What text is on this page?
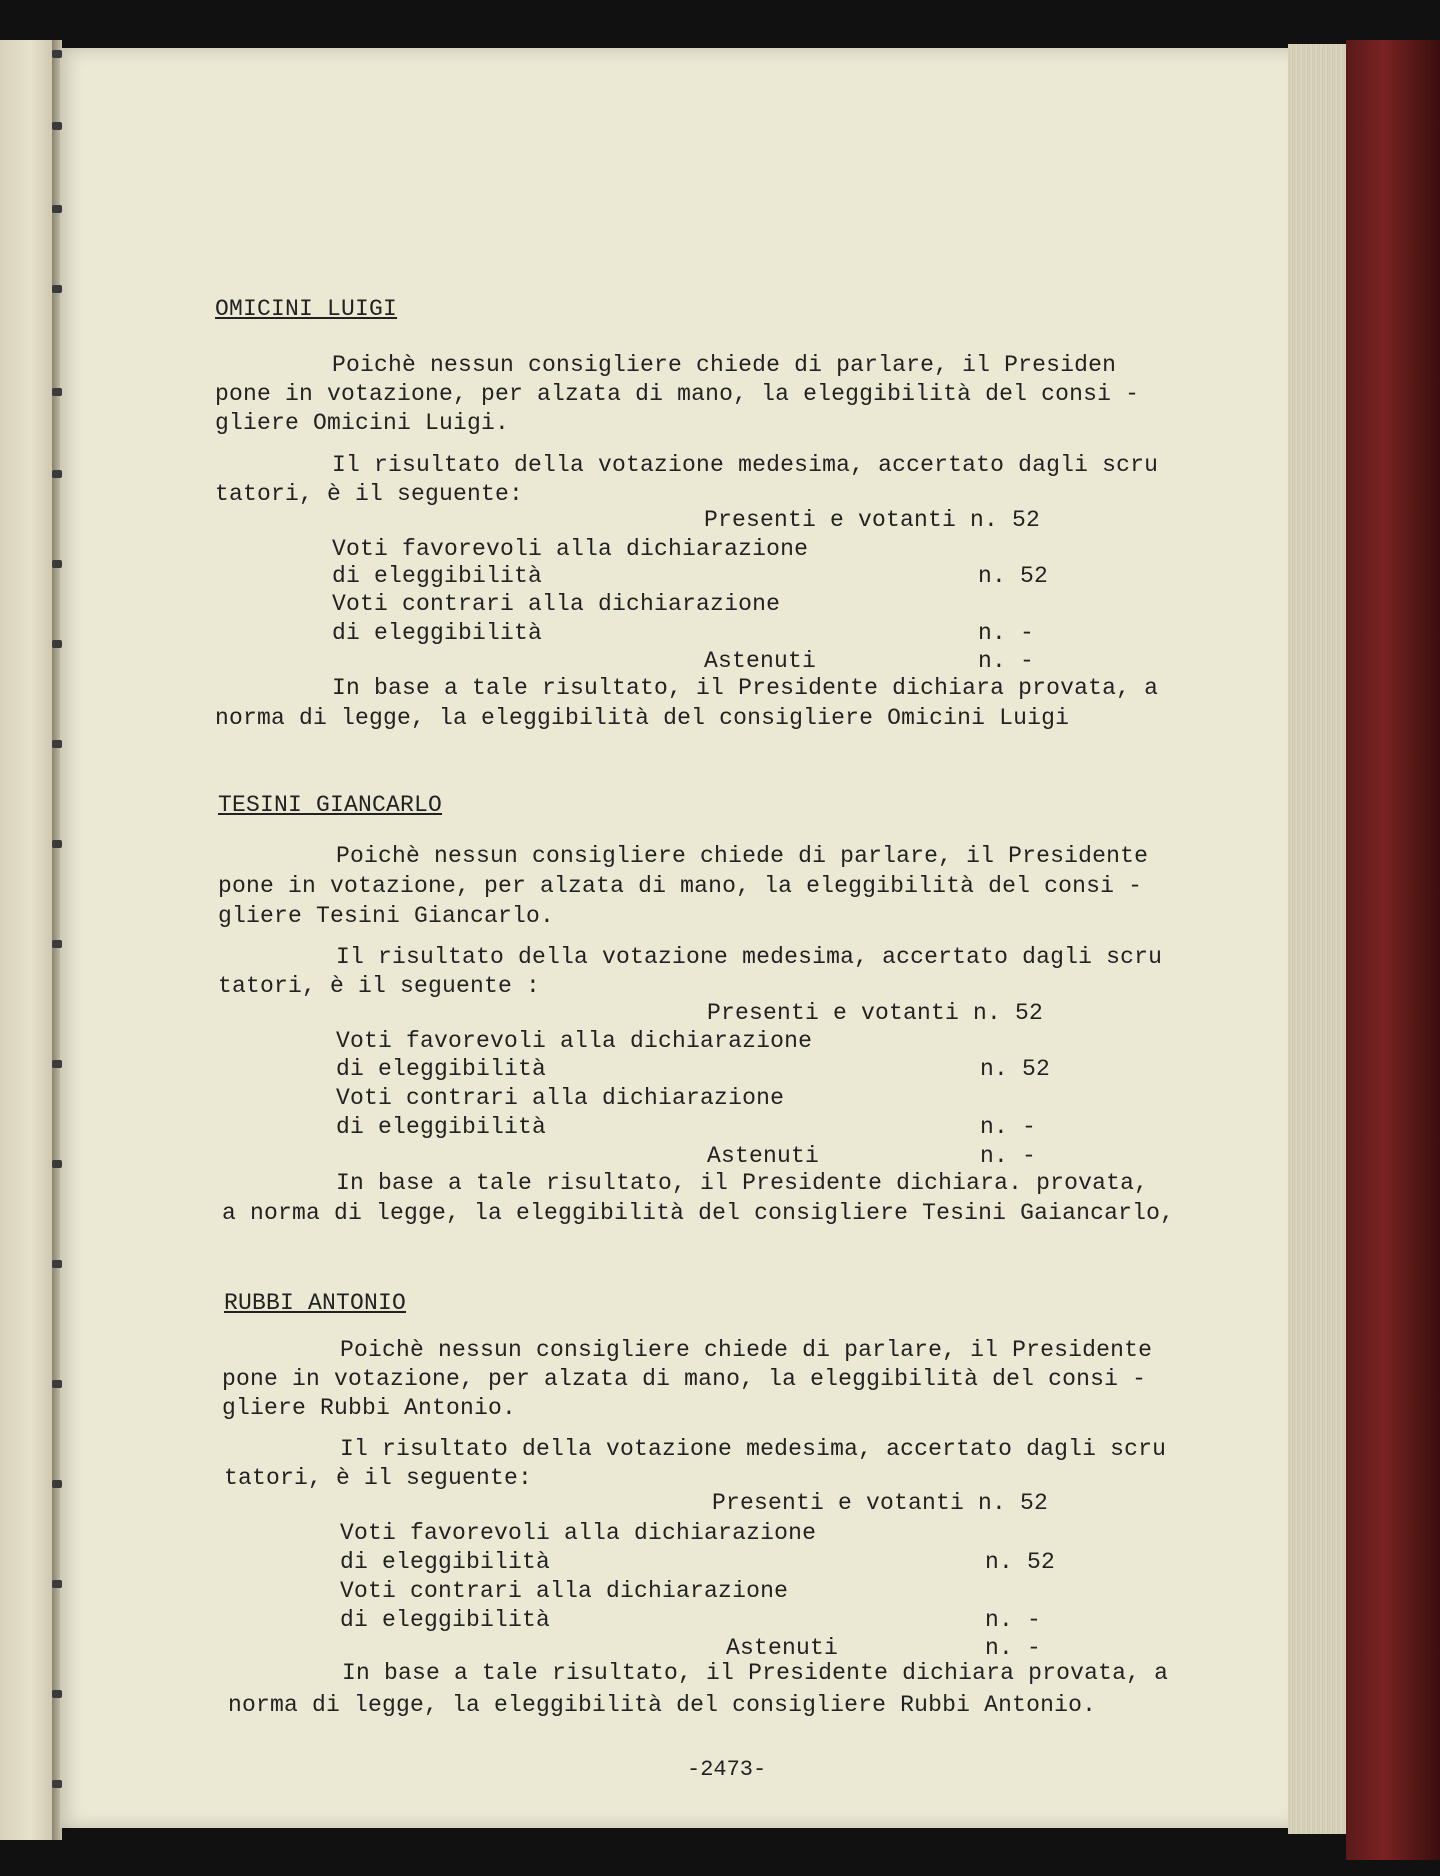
OMICINI LUIGI
Poichè nessun consigliere chiede di parlare, il Presiden
pone in votazione, per alzata di mano, la eleggibilità del consi -
gliere Omicini Luigi.
Il risultato della votazione medesima, accertato dagli scru
tatori, è il seguente:
Presenti e votanti n. 52
Voti favorevoli alla dichiarazione
di eleggibilità	n. 52
Voti contrari alla dichiarazione
di eleggibilità	n. -
Astenuti	n. -
In base a tale risultato, il Presidente dichiara provata, a
norma di legge, la eleggibilità del consigliere Omicini Luigi
TESINI GIANCARLO
Poichè nessun consigliere chiede di parlare, il Presidente
pone in votazione, per alzata di mano, la eleggibilità del consi -
gliere Tesini Giancarlo.
Il risultato della votazione medesima, accertato dagli scru
tatori, è il seguente :
Presenti e votanti n. 52
Voti favorevoli alla dichiarazione
di eleggibilità	n. 52
Voti contrari alla dichiarazione
di eleggibilità	n. -
Astenuti	n. -
In base a tale risultato, il Presidente dichiara. provata,
a norma di legge, la eleggibilità del consigliere Tesini Gaiancarlo,
RUBBI ANTONIO
Poichè nessun consigliere chiede di parlare, il Presidente
pone in votazione, per alzata di mano, la eleggibilità del consi -
gliere Rubbi Antonio.
Il risultato della votazione medesima, accertato dagli scru
tatori, è il seguente:
Presenti e votanti n. 52
Voti favorevoli alla dichiarazione
di eleggibilità	n. 52
Voti contrari alla dichiarazione
di eleggibilità	n. -
Astenuti	n. -
In base a tale risultato, il Presidente dichiara provata, a
norma di legge, la eleggibilità del consigliere Rubbi Antonio.
-2473-
